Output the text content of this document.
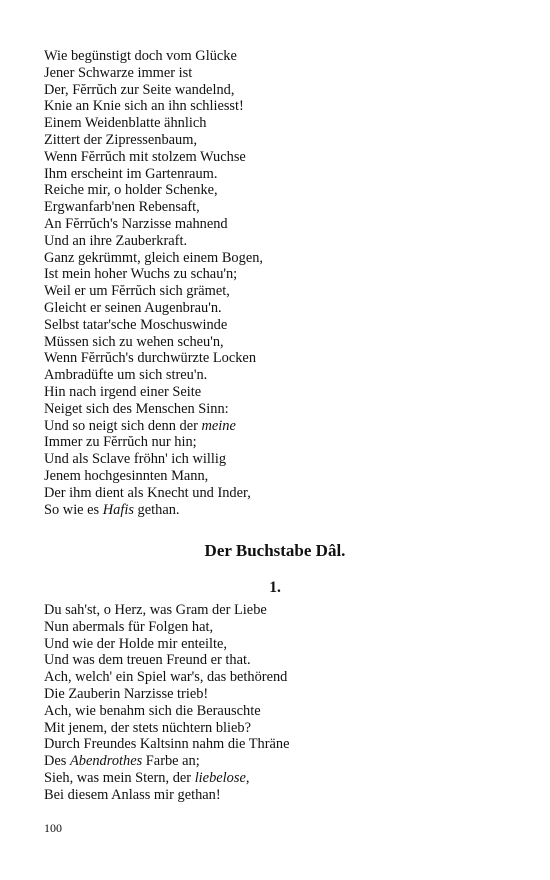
Wie begünstigt doch vom Glücke
Jener Schwarze immer ist
Der, Fĕrrŭch zur Seite wandelnd,
Knie an Knie sich an ihn schliesst!
Einem Weidenblatte ähnlich
Zittert der Zipressenbaum,
Wenn Fĕrrŭch mit stolzem Wuchse
Ihm erscheint im Gartenraum.
Reiche mir, o holder Schenke,
Ergwanfarb'nen Rebensaft,
An Fĕrrŭch's Narzisse mahnend
Und an ihre Zauberkraft.
Ganz gekrümmt, gleich einem Bogen,
Ist mein hoher Wuchs zu schau'n;
Weil er um Fĕrrŭch sich grämet,
Gleicht er seinen Augenbrau'n.
Selbst tatar'sche Moschuswinde
Müssen sich zu wehen scheu'n,
Wenn Fĕrrŭch's durchwürzte Locken
Ambradüfte um sich streu'n.
Hin nach irgend einer Seite
Neiget sich des Menschen Sinn:
Und so neigt sich denn der meine
Immer zu Fĕrrŭch nur hin;
Und als Sclave fröhn' ich willig
Jenem hochgesinnten Mann,
Der ihm dient als Knecht und Inder,
So wie es Hafis gethan.
Der Buchstabe Dâl.
1.
Du sah'st, o Herz, was Gram der Liebe
Nun abermals für Folgen hat,
Und wie der Holde mir enteilte,
Und was dem treuen Freund er that.
Ach, welch' ein Spiel war's, das bethörend
Die Zauberin Narzisse trieb!
Ach, wie benahm sich die Berauschte
Mit jenem, der stets nüchtern blieb?
Durch Freundes Kaltsinn nahm die Thräne
Des Abendrothes Farbe an;
Sieh, was mein Stern, der liebelose,
Bei diesem Anlass mir gethan!
100
